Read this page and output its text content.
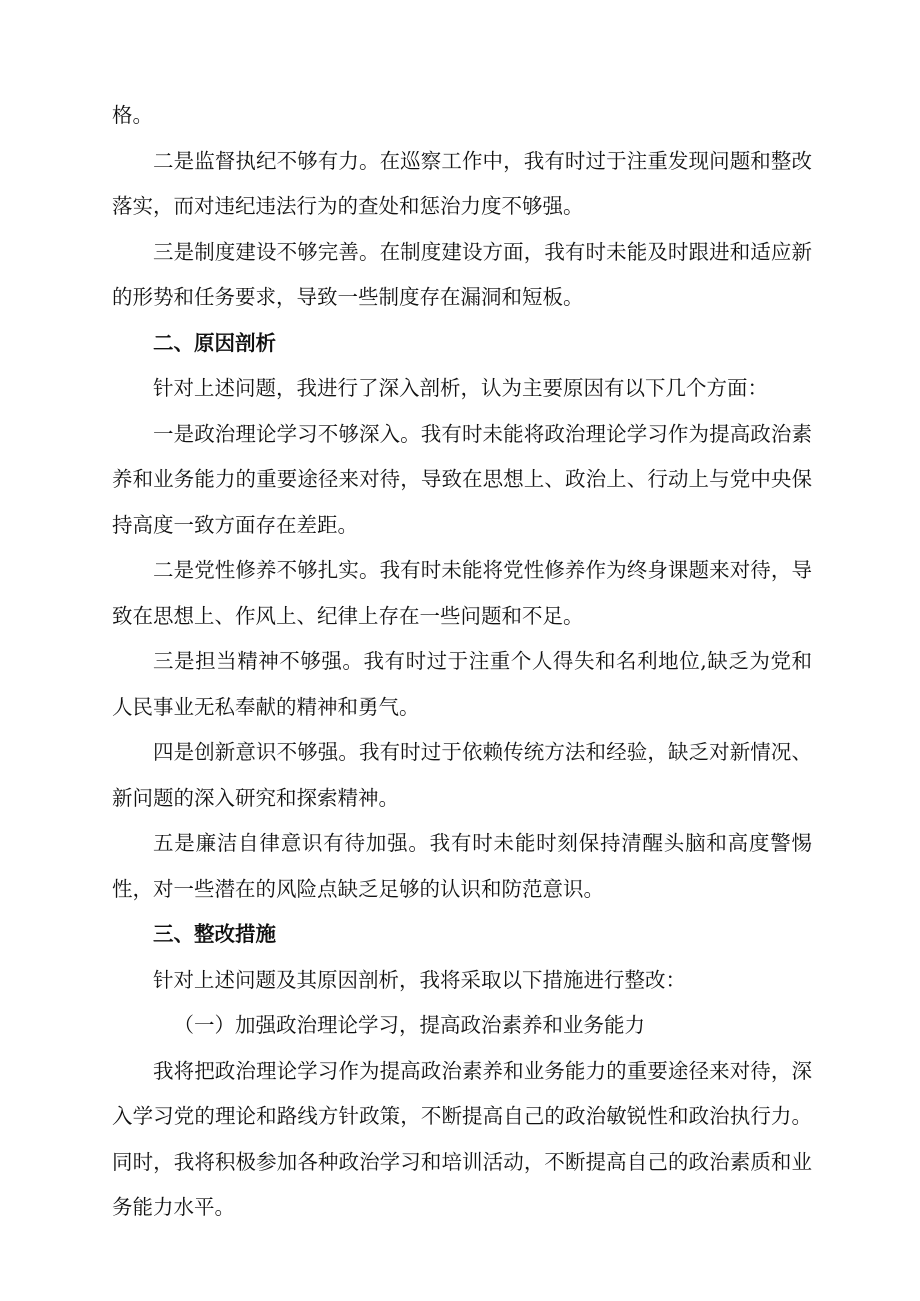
格。

二是监督执纪不够有力。在巡察工作中，我有时过于注重发现问题和整改落实，而对违纪违法行为的查处和惩治力度不够强。

三是制度建设不够完善。在制度建设方面，我有时未能及时跟进和适应新的形势和任务要求，导致一些制度存在漏洞和短板。

二、原因剖析

针对上述问题，我进行了深入剖析，认为主要原因有以下几个方面：

一是政治理论学习不够深入。我有时未能将政治理论学习作为提高政治素养和业务能力的重要途径来对待，导致在思想上、政治上、行动上与党中央保持高度一致方面存在差距。

二是党性修养不够扎实。我有时未能将党性修养作为终身课题来对待，导致在思想上、作风上、纪律上存在一些问题和不足。

三是担当精神不够强。我有时过于注重个人得失和名利地位,缺乏为党和人民事业无私奉献的精神和勇气。

四是创新意识不够强。我有时过于依赖传统方法和经验，缺乏对新情况、新问题的深入研究和探索精神。

五是廉洁自律意识有待加强。我有时未能时刻保持清醒头脑和高度警惕性，对一些潜在的风险点缺乏足够的认识和防范意识。

三、整改措施

针对上述问题及其原因剖析，我将采取以下措施进行整改：

（一）加强政治理论学习，提高政治素养和业务能力

我将把政治理论学习作为提高政治素养和业务能力的重要途径来对待，深入学习党的理论和路线方针政策，不断提高自己的政治敏锐性和政治执行力。同时，我将积极参加各种政治学习和培训活动，不断提高自己的政治素质和业务能力水平。
